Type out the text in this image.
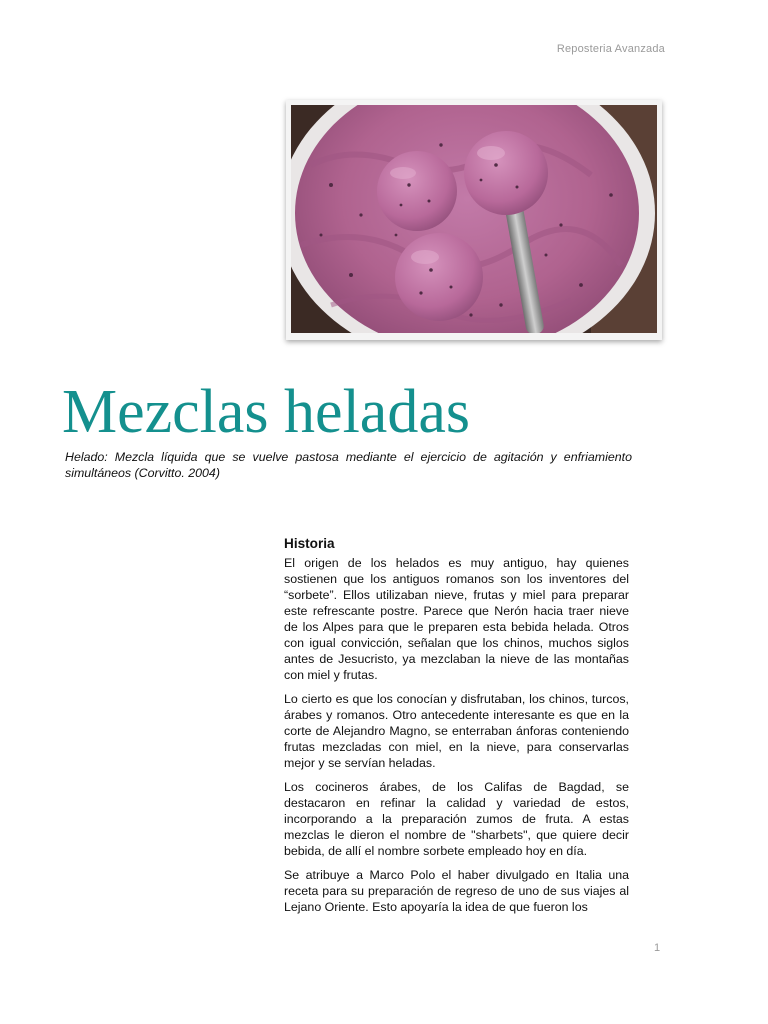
Reposteria Avanzada
Mezclas heladas

Helado: Mezcla líquida que se vuelve pastosa mediante el ejercicio de agitación y enfriamiento simultáneos (Corvitto. 2004)

Historia

El origen de los helados es muy antiguo, hay quienes sostienen que los antiguos romanos son los inventores del “sorbete”. Ellos utilizaban nieve, frutas y miel para preparar este refrescante postre. Parece que Nerón hacia traer nieve de los Alpes para que le preparen esta bebida helada. Otros con igual convicción, señalan que los chinos, muchos siglos antes de Jesucristo, ya mezclaban la nieve de las montañas con miel y frutas.

Lo cierto es que los conocían y disfrutaban, los chinos, turcos, árabes y romanos. Otro antecedente interesante es que en la corte de Alejandro Magno, se enterraban ánforas conteniendo frutas mezcladas con miel, en la nieve, para conservarlas mejor y se servían heladas.

Los cocineros árabes, de los Califas de Bagdad, se destacaron en refinar la calidad y variedad de estos, incorporando a la preparación zumos de fruta. A estas mezclas le dieron el nombre de "sharbets", que quiere decir bebida, de allí el nombre sorbete empleado hoy en día.

Se atribuye a Marco Polo el haber divulgado en Italia una receta para su preparación de regreso de uno de sus viajes al Lejano Oriente. Esto apoyaría la idea de que fueron los

1
